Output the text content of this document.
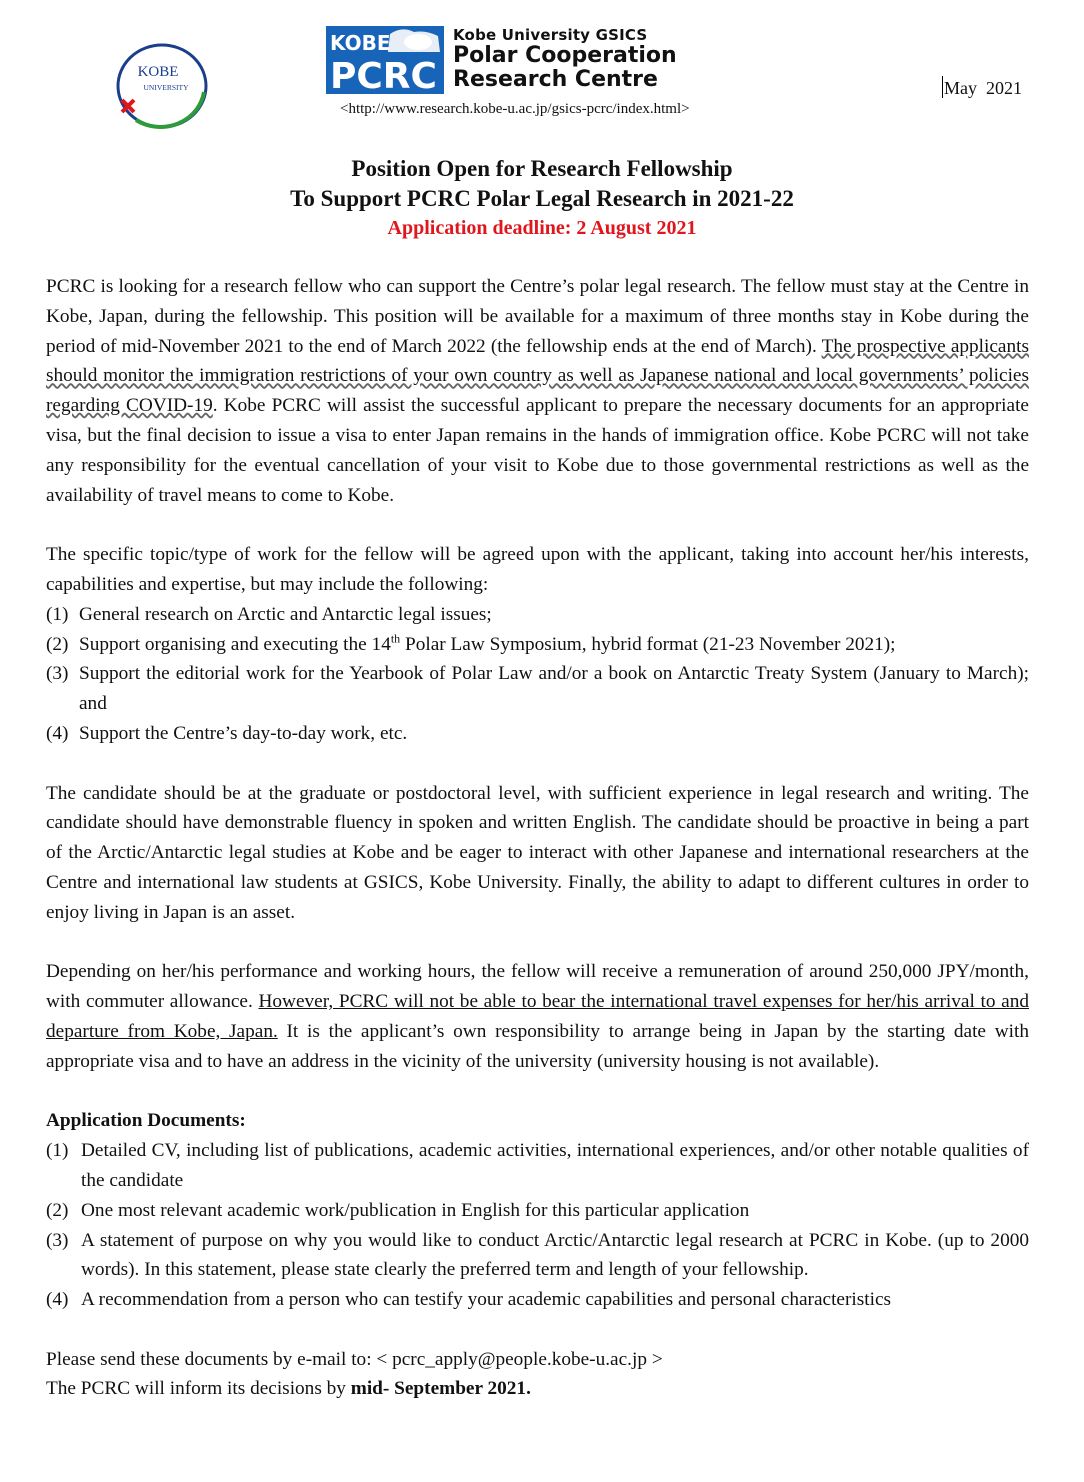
KOBE
UNIVERSITY
KOBE
PCRC
Kobe University GSICS
Polar Cooperation
Research Centre
<http://www.research.kobe-u.ac.jp/gsics-pcrc/index.html>
May  2021
Position Open for Research Fellowship
To Support PCRC Polar Legal Research in 2021-22
Application deadline: 2 August 2021

PCRC is looking for a research fellow who can support the Centre’s polar legal research. The fellow must stay at the Centre in Kobe, Japan, during the fellowship. This position will be available for a maximum of three months stay in Kobe during the period of mid-November 2021 to the end of March 2022 (the fellowship ends at the end of March). The prospective applicants should monitor the immigration restrictions of your own country as well as Japanese national and local governments’ policies regarding COVID-19. Kobe PCRC will assist the successful applicant to prepare the necessary documents for an appropriate visa, but the final decision to issue a visa to enter Japan remains in the hands of immigration office. Kobe PCRC will not take any responsibility for the eventual cancellation of your visit to Kobe due to those governmental restrictions as well as the availability of travel means to come to Kobe.

The specific topic/type of work for the fellow will be agreed upon with the applicant, taking into account her/his interests, capabilities and expertise, but may include the following:

(1) General research on Arctic and Antarctic legal issues;
(2) Support organising and executing the 14th Polar Law Symposium, hybrid format (21-23 November 2021);
(3) Support the editorial work for the Yearbook of Polar Law and/or a book on Antarctic Treaty System (January to March); and
(4) Support the Centre’s day-to-day work, etc.

The candidate should be at the graduate or postdoctoral level, with sufficient experience in legal research and writing. The candidate should have demonstrable fluency in spoken and written English. The candidate should be proactive in being a part of the Arctic/Antarctic legal studies at Kobe and be eager to interact with other Japanese and international researchers at the Centre and international law students at GSICS, Kobe University. Finally, the ability to adapt to different cultures in order to enjoy living in Japan is an asset.

Depending on her/his performance and working hours, the fellow will receive a remuneration of around 250,000 JPY/month, with commuter allowance. However, PCRC will not be able to bear the international travel expenses for her/his arrival to and departure from Kobe, Japan. It is the applicant’s own responsibility to arrange being in Japan by the starting date with appropriate visa and to have an address in the vicinity of the university (university housing is not available).

Application Documents:

(1) Detailed CV, including list of publications, academic activities, international experiences, and/or other notable qualities of the candidate
(2) One most relevant academic work/publication in English for this particular application
(3) A statement of purpose on why you would like to conduct Arctic/Antarctic legal research at PCRC in Kobe. (up to 2000 words). In this statement, please state clearly the preferred term and length of your fellowship.
(4) A recommendation from a person who can testify your academic capabilities and personal characteristics

Please send these documents by e-mail to: < pcrc_apply@people.kobe-u.ac.jp >

The PCRC will inform its decisions by mid- September 2021.
